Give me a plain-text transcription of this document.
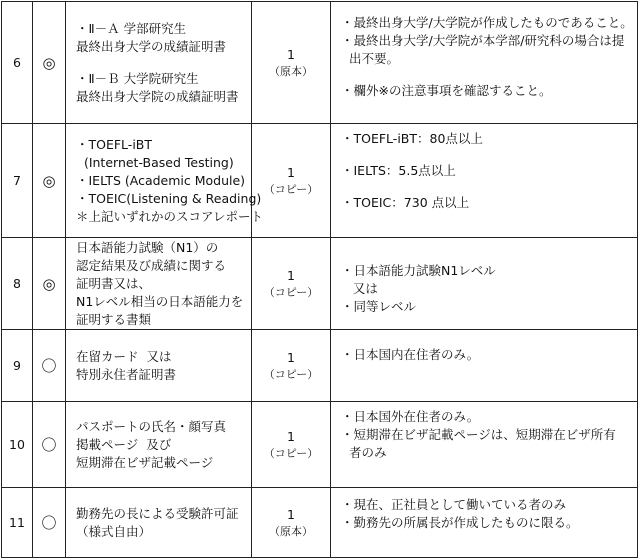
6	◎	・Ⅱ－Ａ 学部研究生
最終出身大学の成績証明書
・Ⅱ－Ｂ 大学院研究生
最終出身大学院の成績証明書	1
（原本）	・最終出身大学/大学院が作成したものであること。
・最終出身大学/大学院が本学部/研究科の場合は提
出不要。
・欄外※の注意事項を確認すること。

7	◎	・TOEFL-iBT
(Internet-Based Testing)
・IELTS (Academic Module)
・TOEIC(Listening & Reading)
＊上記いずれかのスコアレポート	1
（コピー）	・TOEFL-iBT：80点以上
・IELTS：5.5点以上
・TOEIC：730 点以上

8	◎	日本語能力試験（N1）の
認定結果及び成績に関する
証明書又は、
N1レベル相当の日本語能力を
証明する書類	1
（コピー）	・日本語能力試験N1レベル
又は
・同等レベル

9	〇	在留カード  又は
特別永住者証明書	1
（コピー）	・日本国内在住者のみ。

10	〇	パスポートの氏名・顔写真
掲載ページ  及び
短期滞在ビザ記載ページ	1
（コピー）	・日本国外在住者のみ。
・短期滞在ビザ記載ページは、短期滞在ビザ所有
者のみ

11	〇	勤務先の長による受験許可証
（様式自由）	1
（原本）	・現在、正社員として働いている者のみ
・勤務先の所属長が作成したものに限る。
